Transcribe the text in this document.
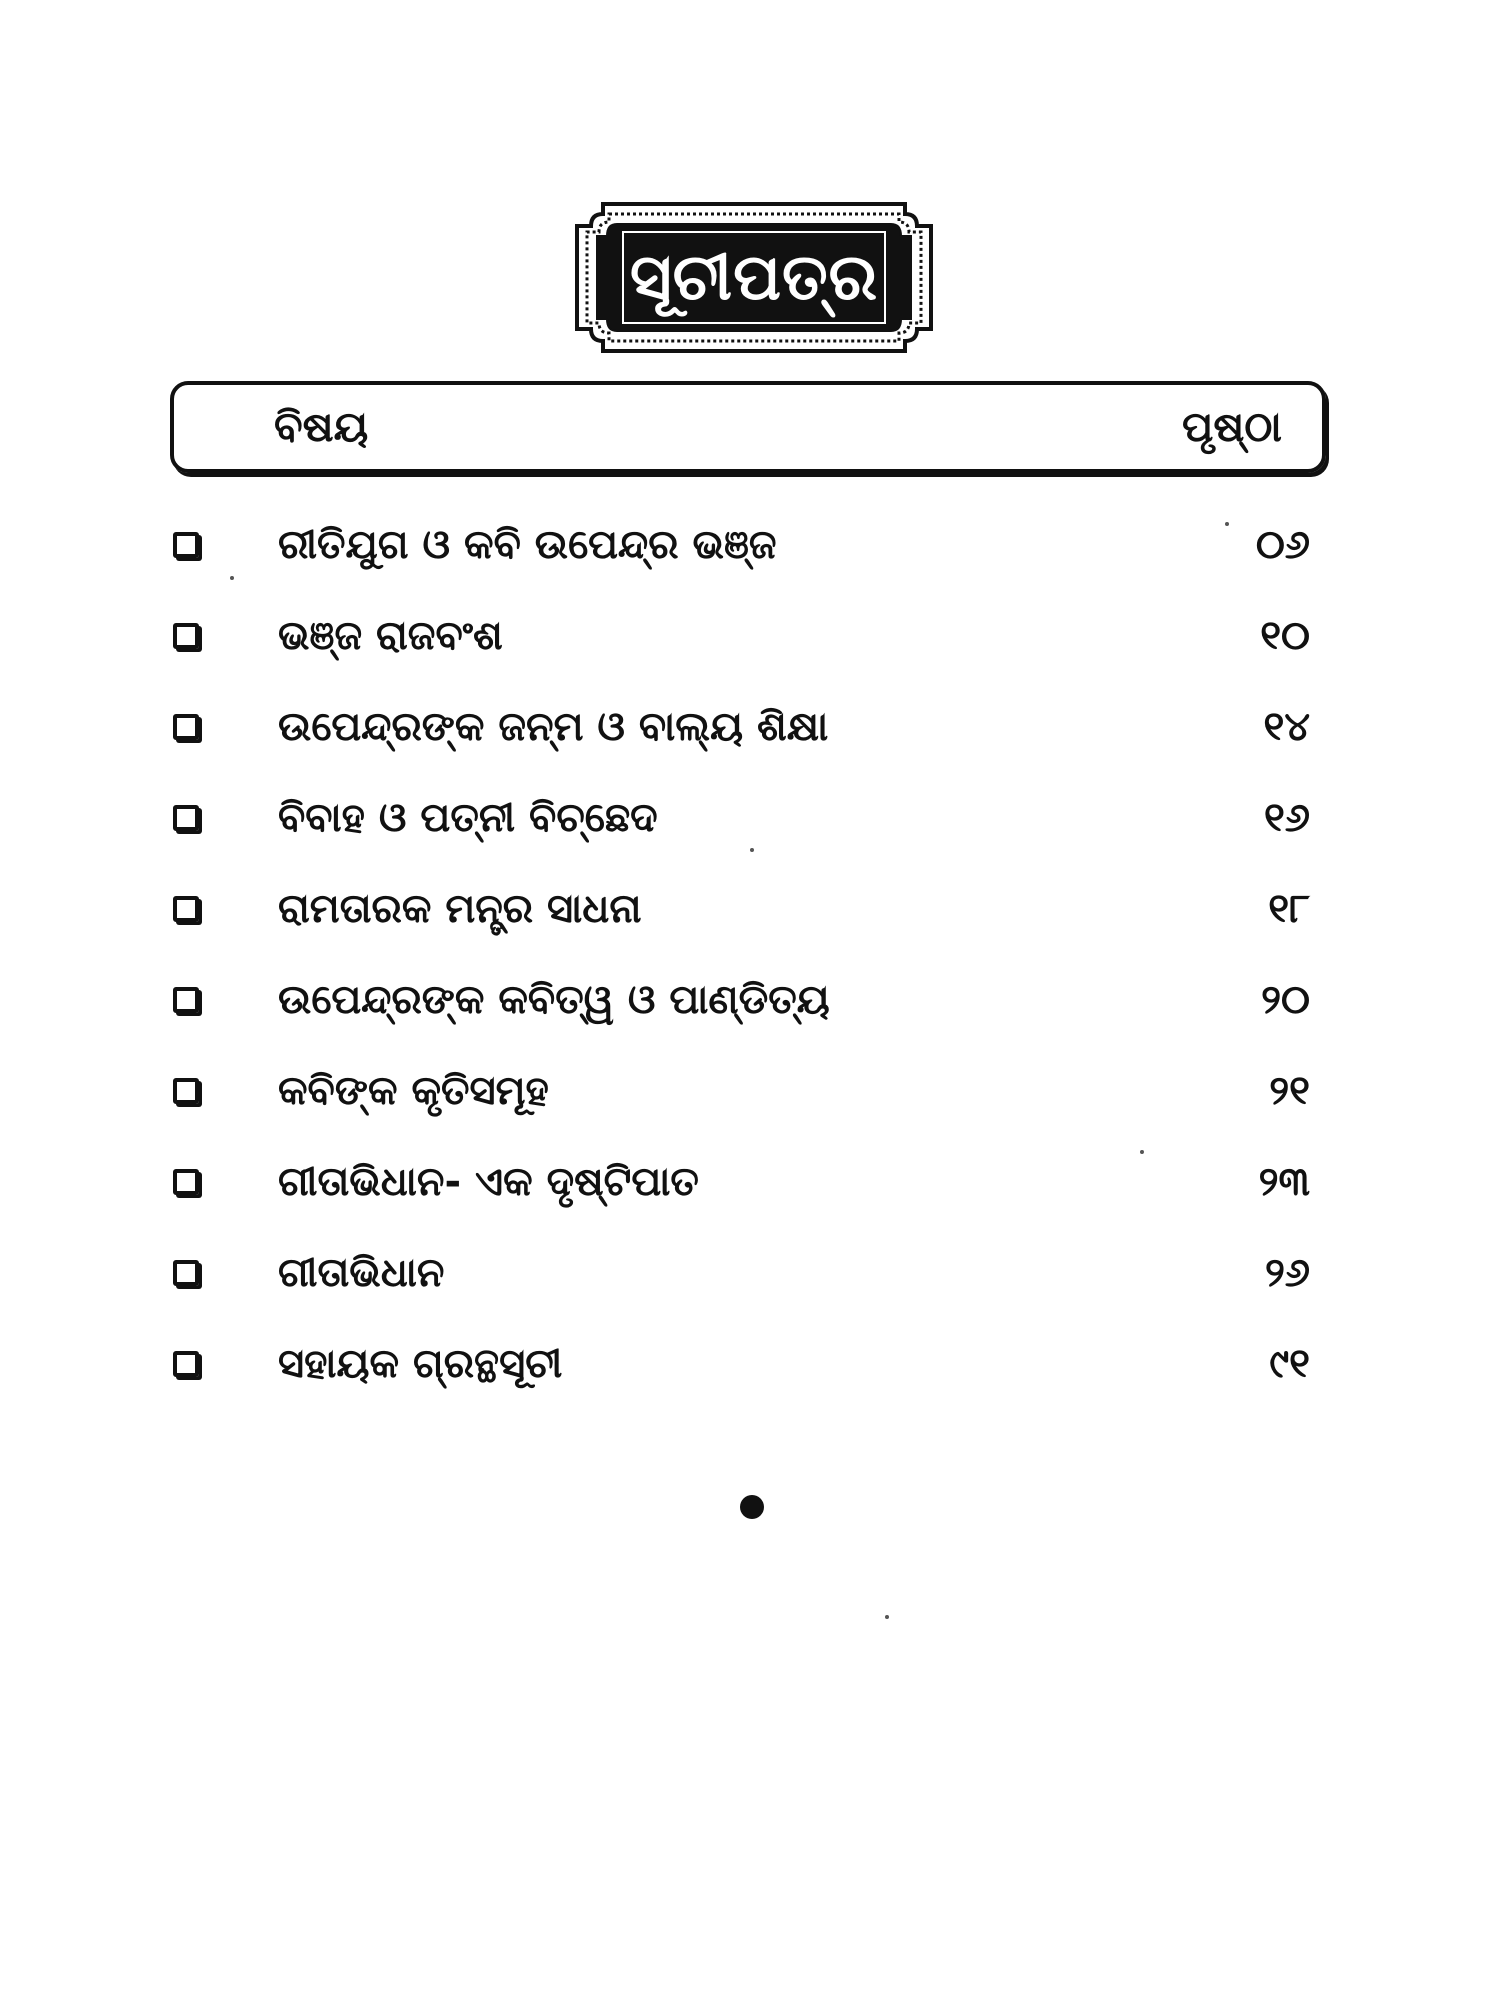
ସୂଚୀପତ୍ର
ବିଷୟ	ପୃଷ୍ଠା
ରୀତିଯୁଗ ଓ କବି ଉପେନ୍ଦ୍ର ଭଞ୍ଜ	୦୬
ଭଞ୍ଜ ରାଜବଂଶ	୧୦
ଉପେନ୍ଦ୍ରଙ୍କ ଜନ୍ମ ଓ ବାଲ୍ୟ ଶିକ୍ଷା	୧୪
ବିବାହ ଓ ପତ୍ନୀ ବିଚ୍ଛେଦ	୧୬
ରାମତାରକ ମନ୍ତ୍ର ସାଧନା	୧୮
ଉପେନ୍ଦ୍ରଙ୍କ କବିତ୍ୱ ଓ ପାଣ୍ଡିତ୍ୟ	୨୦
କବିଙ୍କ କୃତିସମୂହ	୨୧
ଗୀତାଭିଧାନ- ଏକ ଦୃଷ୍ଟିପାତ	୨୩
ଗୀତାଭିଧାନ	୨୬
ସହାୟକ ଗ୍ରନ୍ଥସୂଚୀ	୯୧
